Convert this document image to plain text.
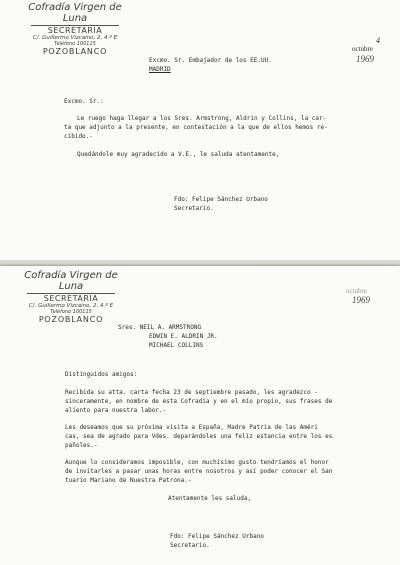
Cofradía Virgen de Luna
SECRETARIA
C/. Guillermo Vizcaino, 2, 4.º E
Teléfono 100115
POZOBLANCO
4
octubre
1969
Excmo. Sr. Embajador de los EE.UU.
MADRID
Excmo. Sr.:
Le ruego haga llegar a los Sres. Armstrong, Aldrin y Collins, la car-
ta que adjunto a la presente, en contestación a la que de ellos hemos re-
cibido.-
Quedándole muy agradecido a V.E., le saluda atentamente,
Fdo: Felipe Sánchez Urbano
Secretario.
Cofradía Virgen de Luna
SECRETARIA
C/. Guillermo Vizcaino, 2, 4.º E
Teléfono 100115
POZOBLANCO
octubre
1969
Sres. NEIL A. ARMSTRONG
EDWIN E. ALDRIN JR.
MICHAEL COLLINS
Distinguidos amigos:
Recibida su atta. carta fecha 23 de septiembre pasado, les agradezco -
sinceramente, en nombre de esta Cofradía y en el mío propio, sus frases de
aliento para nuestra labor.-
Les deseamos que su próxima visita a España, Madre Patria de las Améri
cas, sea de agrado para Vdes. deparándoles una feliz estancia entre los es
pañoles.-
Aunque lo consideramos imposible, con muchísimo gusto tendríamos el honor
de invitarles a pasar unas horas entre nosotros y así poder conocer el San
tuario Mariano de Nuestra Patrona.-
Atentamente les saluda,
Fdo: Felipe Sánchez Urbano
Secretario.
